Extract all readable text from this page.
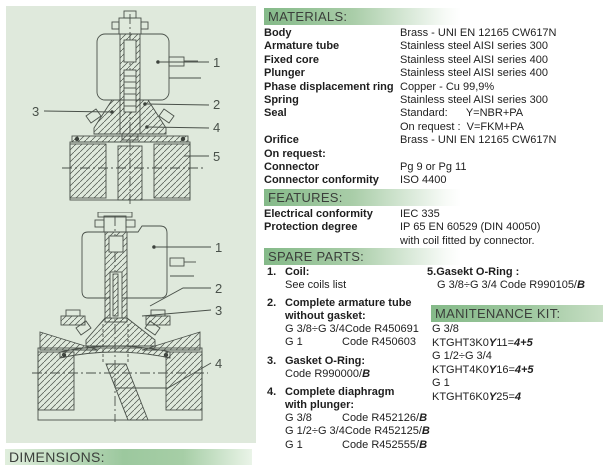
1
2
3
4
5
1
2
3
4
MATERIALS:
Body	Brass - UNI EN 12165 CW617N
Armature tube	Stainless steel AISI series 300
Fixed core	Stainless steel AISI series 400
Plunger	Stainless steel AISI series 400
Phase displacement ring Copper - Cu 99,9%
Spring	Stainless steel AISI series 300
Seal	Standard:      Y=NBR+PA
On request :  V=FKM+PA
Orifice	Brass - UNI EN 12165 CW617N
On request:
Connector	Pg 9 or Pg 11
Connector conformity ISO 4400
FEATURES:
Electrical conformity IEC 335
Protection degree	IP 65 EN 60529 (DIN 40050)
with coil fitted by connector.
SPARE PARTS:
1. Coil:
See coils list
2. Complete armature tube
without gasket:
G 3/8÷G 3/4Code R450691
G 1	Code R450603
3. Gasket O-Ring:
Code R990000/B
4. Complete diaphragm
with plunger:
G 3/8	Code R452126/B
G 1/2÷G 3/4Code R452125/B
G 1	Code R452555/B
5.Gasekt O-Ring :
G 3/8÷G 3/4 Code R990105/B
MANITENANCE KIT:
G 3/8
KTGHT3K0Y11=4+5
G 1/2÷G 3/4
KTGHT4K0Y16=4+5
G 1
KTGHT6K0Y25=4
DIMENSIONS:
